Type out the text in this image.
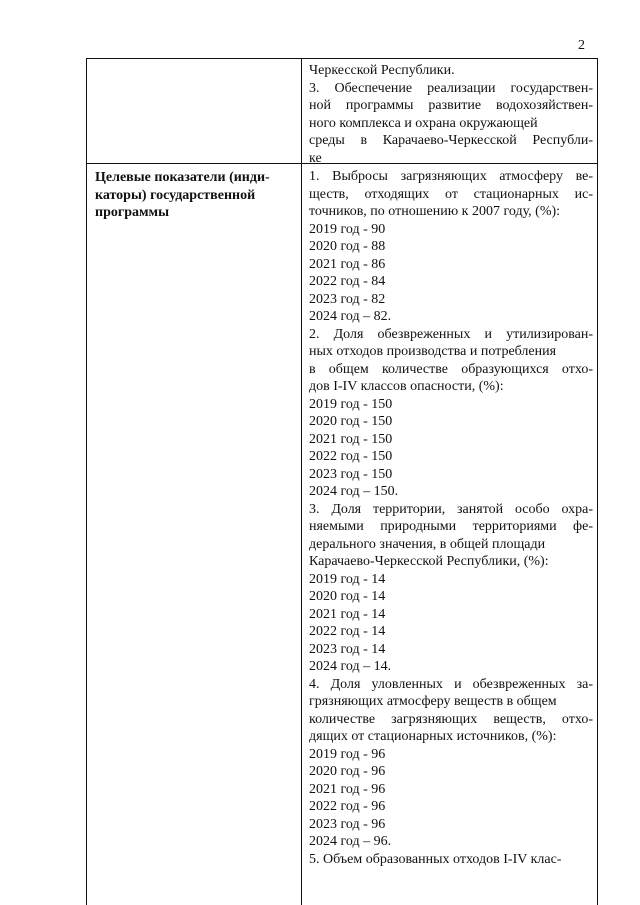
2
Черкесской Республики.
3. Обеспечение реализации государствен-
ной программы развитие водохозяйствен-
ного комплекса и охрана окружающей
среды в Карачаево-Черкесской Республи-
ке
Целевые показатели (инди-
каторы) государственной
программы
1. Выбросы загрязняющих атмосферу ве-
ществ, отходящих от стационарных ис-
точников, по отношению к 2007 году, (%):
2019 год - 90
2020 год - 88
2021 год - 86
2022 год - 84
2023 год - 82
2024 год – 82.
2. Доля обезвреженных и утилизирован-
ных отходов производства и потребления
в общем количестве образующихся отхо-
дов I-IV классов опасности, (%):
2019 год - 150
2020 год - 150
2021 год - 150
2022 год - 150
2023 год - 150
2024 год – 150.
3. Доля территории, занятой особо охра-
няемыми природными территориями фе-
дерального значения, в общей площади
Карачаево-Черкесской Республики, (%):
2019 год - 14
2020 год - 14
2021 год - 14
2022 год - 14
2023 год - 14
2024 год – 14.
4. Доля уловленных и обезвреженных за-
грязняющих атмосферу веществ в общем
количестве загрязняющих веществ, отхо-
дящих от стационарных источников, (%):
2019 год - 96
2020 год - 96
2021 год - 96
2022 год - 96
2023 год - 96
2024 год – 96.
5. Объем образованных отходов I-IV клас-
